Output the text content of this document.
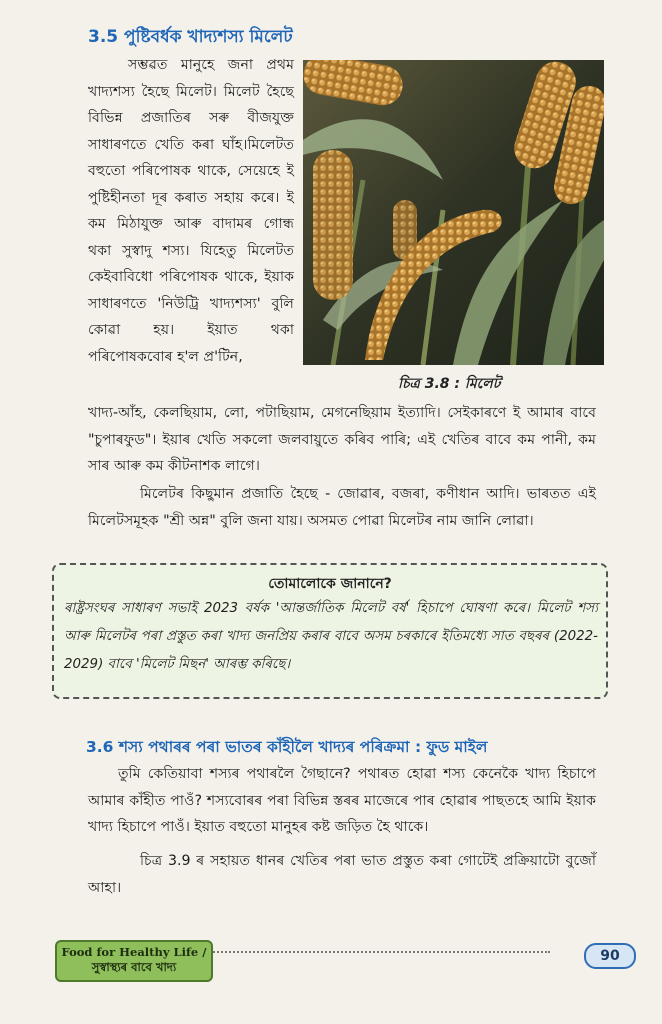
3.5 পুষ্টিবৰ্ধক খাদ্যশস্য মিলেট

সম্ভৱত মানুহে জনা প্ৰথম খাদ্যশস্য হৈছে মিলেট। মিলেট হৈছে বিভিন্ন প্ৰজাতিৰ সৰু বীজযুক্ত সাধাৰণতে খেতি কৰা ঘাঁহ।মিলেটত বহুতো পৰিপোষক থাকে, সেয়েহে ই পুষ্টিহীনতা দূৰ কৰাত সহায় কৰে। ই কম মিঠাযুক্ত আৰু বাদামৰ গোন্ধ থকা সুস্বাদু শস্য। যিহেতু মিলেটত কেইবাবিধো পৰিপোষক থাকে, ইয়াক সাধাৰণতে 'নিউট্ৰি খাদ্যশস্য' বুলি কোৱা হয়। ইয়াত থকা পৰিপোষকবোৰ হ'ল প্ৰ'টিন,

চিত্ৰ 3.8 : মিলেট

খাদ্য-আঁহ, কেলছিয়াম, লো, পটাছিয়াম, মেগনেছিয়াম ইত্যাদি। সেইকাৰণে ই আমাৰ বাবে "চুপাৰফুড"। ইয়াৰ খেতি সকলো জলবায়ুতে কৰিব পাৰি; এই খেতিৰ বাবে কম পানী, কম সাৰ আৰু কম কীটনাশক লাগে।

মিলেটৰ কিছুমান প্ৰজাতি হৈছে - জোৱাৰ, বজৰা, কণীধান আদি। ভাৰতত এই মিলেটসমূহক "শ্ৰী অন্ন" বুলি জনা যায়। অসমত পোৱা মিলেটৰ নাম জানি লোৱা।

তোমালোকে জানানে?

ৰাষ্ট্ৰসংঘৰ সাধাৰণ সভাই 2023 বৰ্ষক 'আন্তৰ্জাতিক মিলেট বৰ্ষ' হিচাপে ঘোষণা কৰে। মিলেট শস্য আৰু মিলেটৰ পৰা প্ৰস্তুত কৰা খাদ্য জনপ্ৰিয় কৰাৰ বাবে অসম চৰকাৰে ইতিমধ্যে সাত বছৰৰ (2022-2029) বাবে 'মিলেট মিছন' আৰম্ভ কৰিছে।

3.6 শস্য পথাৰৰ পৰা ভাতৰ কাঁহীলৈ খাদ্যৰ পৰিক্ৰমা : ফুড মাইল

তুমি কেতিয়াবা শস্যৰ পথাৰলৈ গৈছানে? পথাৰত হোৱা শস্য কেনেকৈ খাদ্য হিচাপে আমাৰ কাঁহীত পাওঁ? শস্যবোৰৰ পৰা বিভিন্ন স্তৰৰ মাজেৰে পাৰ হোৱাৰ পাছতহে আমি ইয়াক খাদ্য হিচাপে পাওঁ। ইয়াত বহুতো মানুহৰ কষ্ট জড়িত হৈ থাকে।

চিত্ৰ 3.9 ৰ সহায়ত ধানৰ খেতিৰ পৰা ভাত প্ৰস্তুত কৰা গোটেই প্ৰক্ৰিয়াটো বুজোঁ আহা।

Food for Healthy Life /
সুস্বাস্থ্যৰ বাবে খাদ্য
90
